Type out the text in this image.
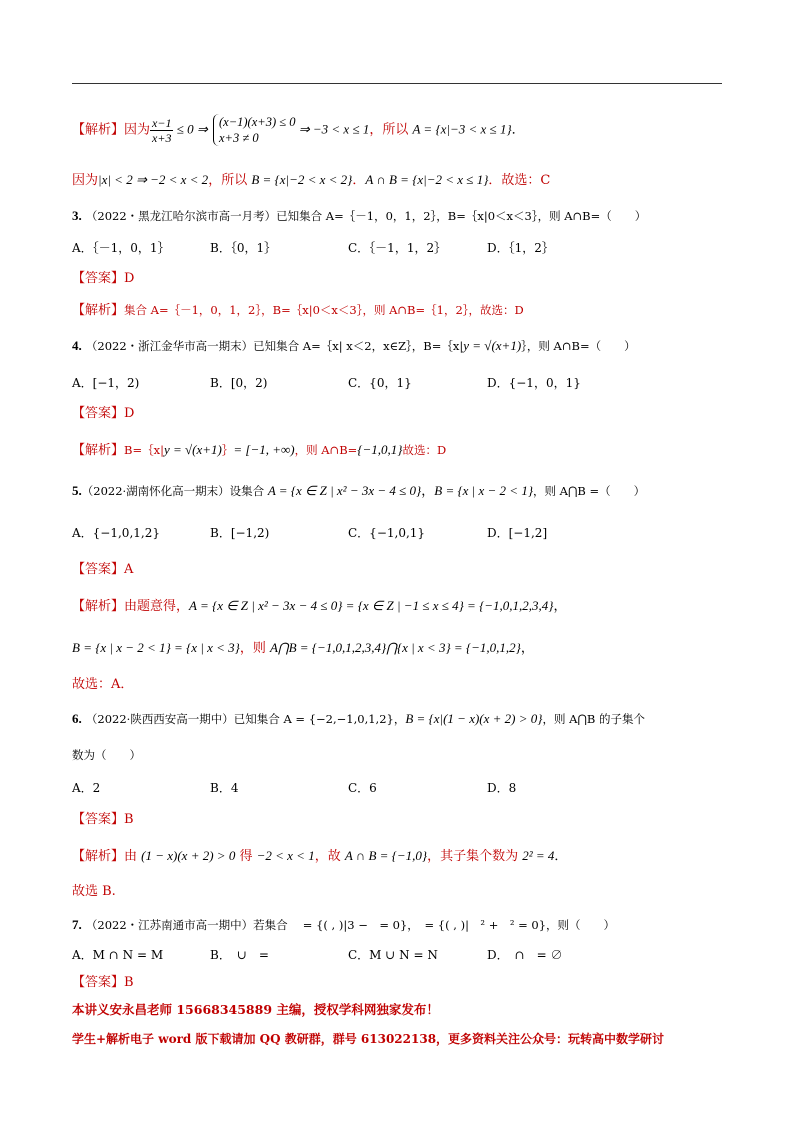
【解析】因为 $\frac{x-1}{x+3} \le 0$ ⇒ (x−1)(x+3) ≤ 0
x+3 ≠ 0
⇒ −3 < x ≤ 1，所以 A = {x|−3 < x ≤ 1}．
因为|x| < 2 ⇒ −2 < x < 2，所以 B = {x|−2 < x < 2}．A ∩ B = {x|−2 < x ≤ 1}．故选：C
3. （2022・黑龙江哈尔滨市高一月考）已知集合 A=｛－1，0，1，2｝，B=｛x|0＜x＜3｝，则 A∩B=（　　）
A．｛－1，0，1｝	B．｛0，1｝	C．｛－1，1，2｝	D．｛1，2｝
【答案】D
【解析】集合 A=｛－1，0，1，2｝，B=｛x|0＜x＜3｝，则 A∩B=｛1，2｝，故选：D
4. （2022・浙江金华市高一期末）已知集合 A=｛x| x＜2，x∈Z｝，B=｛x|y = √(x+1)｝，则 A∩B=（　　）
A．[−1，2)	B．[0，2)	C．{0，1}	D．{−1，0，1}
【答案】D
【解析】B=｛x|y = √(x+1)｝= [−1, +∞)，则 A∩B={−1,0,1}故选：D
5.（2022·湖南怀化高一期末）设集合 A = {x ∈ Z | x² − 3x − 4 ≤ 0}，B = {x | x − 2 < 1}，则 A⋂B =（　　）
A．{−1,0,1,2}	B．[−1,2)	C．{−1,0,1}	D．[−1,2]
【答案】A
【解析】由题意得，A = {x ∈ Z | x² − 3x − 4 ≤ 0} = {x ∈ Z | −1 ≤ x ≤ 4} = {−1,0,1,2,3,4}，
B = {x | x − 2 < 1} = {x | x < 3}，则 A⋂B = {−1,0,1,2,3,4}⋂{x | x < 3} = {−1,0,1,2}，
故选：A．
6. （2022·陕西西安高一期中）已知集合 A = {−2,−1,0,1,2}，B = {x|(1 − x)(x + 2) > 0}，则 A⋂B 的子集个
数为（　　）
A．2	B．4	C．6	D．8
【答案】B
【解析】由 (1 − x)(x + 2) > 0 得 −2 < x < 1，故 A ∩ B = {−1,0}，其子集个数为 2² = 4．
故选 B.
7. （2022・江苏南通市高一期中）若集合　 = {( , )|3 −　= 0}，　= {( , )|　² +　² = 0}，则（　　）
A．M ∩ N = M	B．　∪　=	C．M ∪ N = N	D．　∩　= ∅
【答案】B
本讲义安永昌老师 15668345889 主编，授权学科网独家发布！
学生+解析电子 word 版下载请加 QQ 教研群，群号 613022138，更多资料关注公众号：玩转高中数学研讨
